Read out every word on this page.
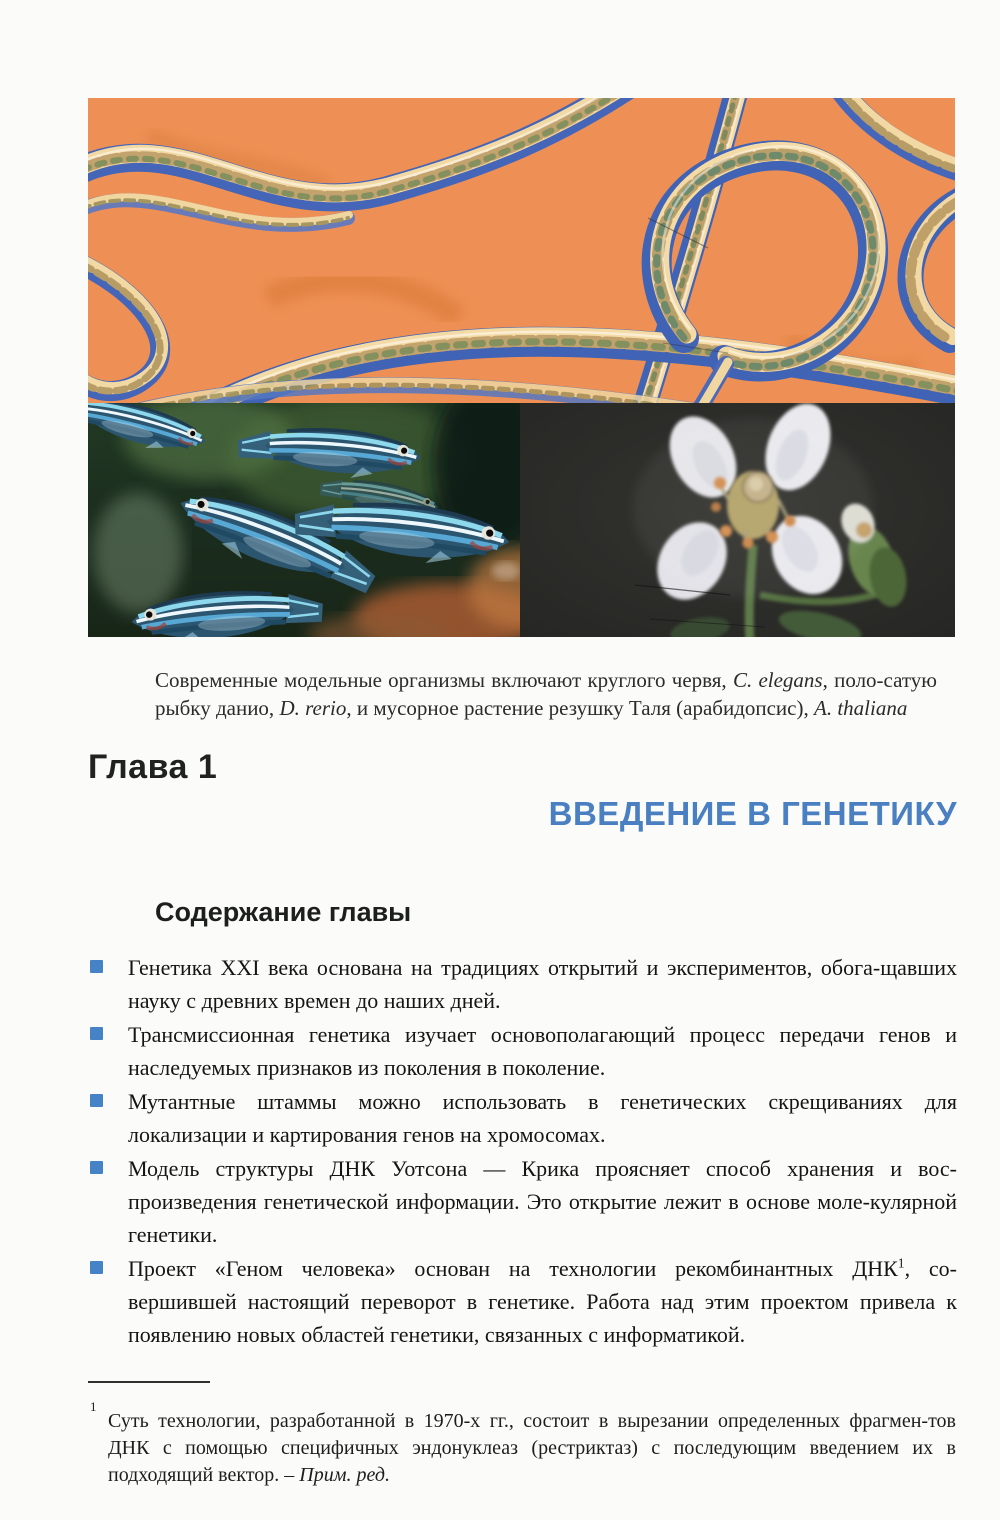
Современные модельные организмы включают круглого червя, C. elegans, поло-сатую рыбку данио, D. rerio, и мусорное растение резушку Таля (арабидопсис), A. thaliana

Глава 1
ВВЕДЕНИЕ В ГЕНЕТИКУ
Содержание главы
Генетика XXI века основана на традициях открытий и экспериментов, обога-щавших науку с древних времен до наших дней.
Трансмиссионная генетика изучает основополагающий процесс передачи генов и наследуемых признаков из поколения в поколение.
Мутантные штаммы можно использовать в генетических скрещиваниях для локализации и картирования генов на хромосомах.
Модель структуры ДНК Уотсона — Крика проясняет способ хранения и вос-произведения генетической информации. Это открытие лежит в основе моле-кулярной генетики.
Проект «Геном человека» основан на технологии рекомбинантных ДНК$^1$, со-вершившей настоящий переворот в генетике. Работа над этим проектом привела к появлению новых областей генетики, связанных с информатикой.

1
Суть технологии, разработанной в 1970-х гг., состоит в вырезании определенных фрагмен-тов ДНК с помощью специфичных эндонуклеаз (рестриктаз) с последующим введением их в подходящий вектор. – Прим. ред.
